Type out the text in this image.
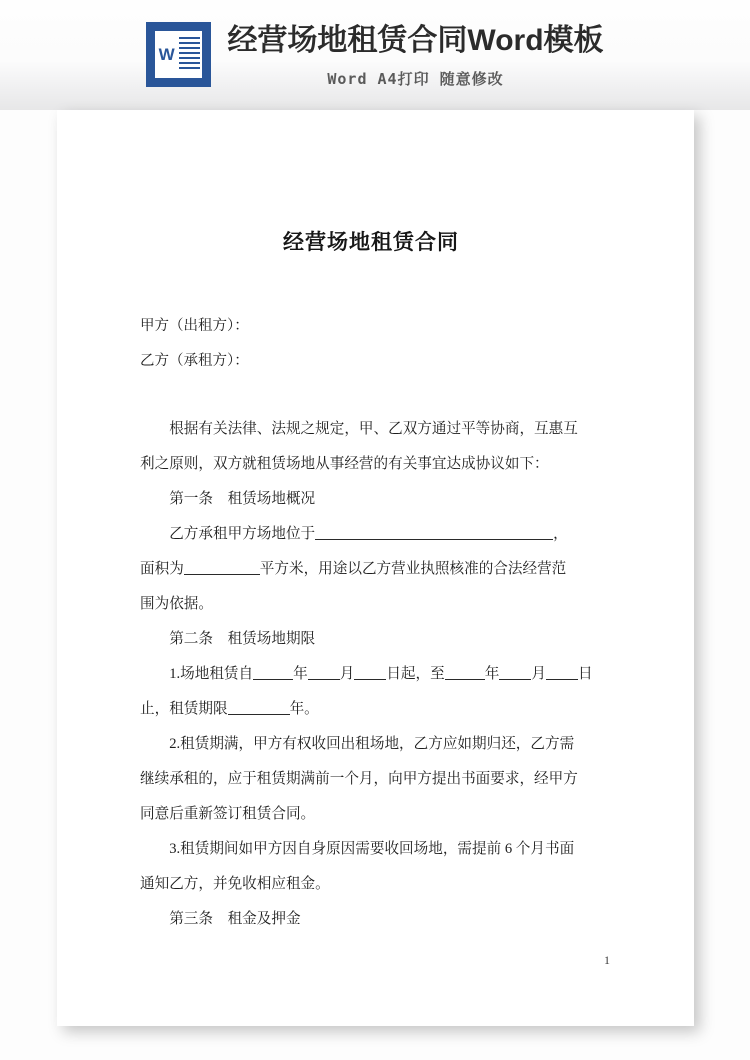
W 经营场地租赁合同Word模板
Word A4打印 随意修改
经营场地租赁合同
甲方（出租方）：
乙方（承租方）：
根据有关法律、法规之规定，甲、乙双方通过平等协商，互惠互
利之原则，双方就租赁场地从事经营的有关事宜达成协议如下：
第一条　租赁场地概况
乙方承租甲方场地位于	，
面积为	平方米，用途以乙方营业执照核准的合法经营范
围为依据。
第二条　租赁场地期限
1.场地租赁自	年 月 日起，至	年 月 日
止，租赁期限	年。
2.租赁期满，甲方有权收回出租场地，乙方应如期归还，乙方需
继续承租的，应于租赁期满前一个月，向甲方提出书面要求，经甲方
同意后重新签订租赁合同。
3.租赁期间如甲方因自身原因需要收回场地，需提前 6 个月书面
通知乙方，并免收相应租金。
第三条　租金及押金
1
